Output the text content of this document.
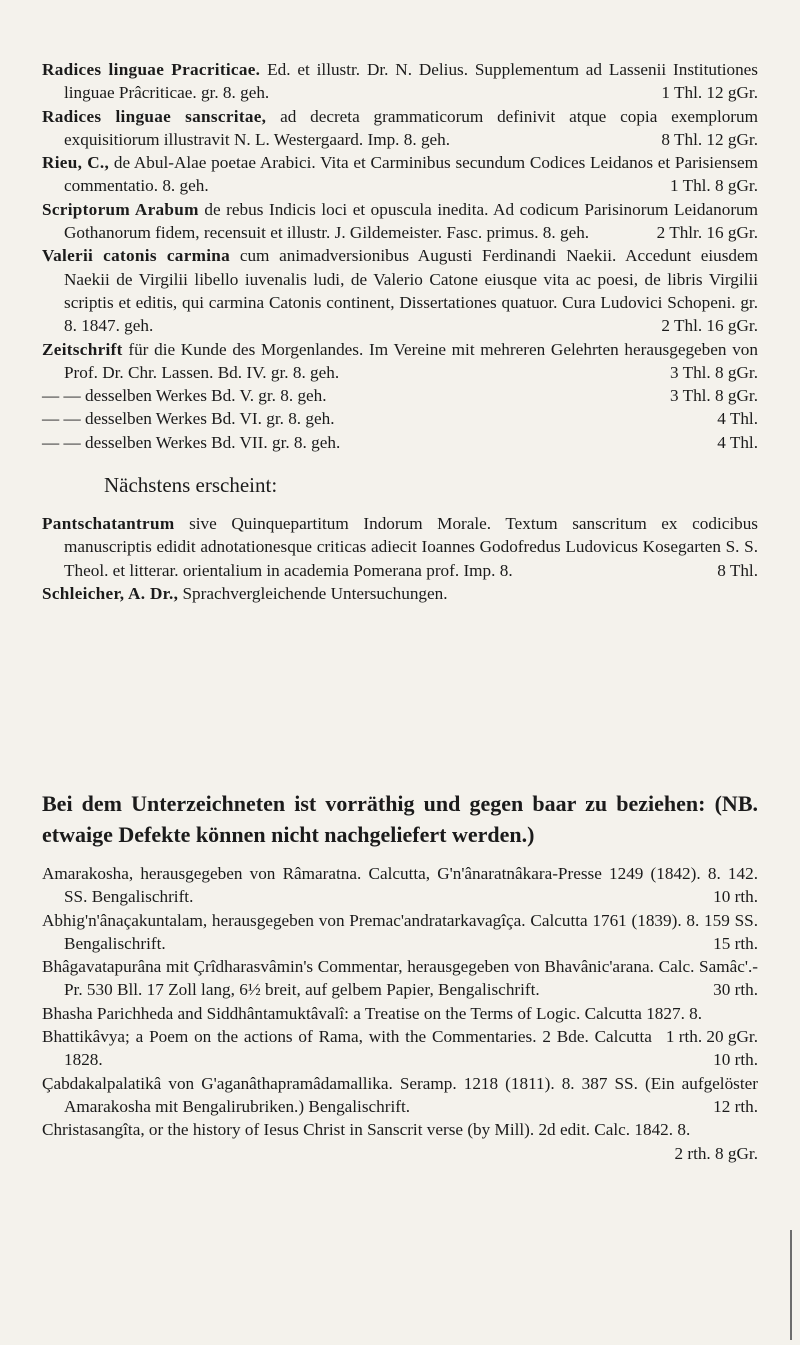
Radices linguae Pracriticae. Ed. et illustr. Dr. N. Delius. Supplementum ad Lassenii Institutiones linguae Prâcriticae. gr. 8. geh.	1 Thl. 12 gGr.

Radices linguae sanscritae, ad decreta grammaticorum definivit atque copia exemplorum exquisitiorum illustravit N. L. Westergaard. Imp. 8. geh.	8 Thl. 12 gGr.

Rieu, C., de Abul-Alae poetae Arabici. Vita et Carminibus secundum Codices Leidanos et Parisiensem commentatio. 8. geh.	1 Thl. 8 gGr.

Scriptorum Arabum de rebus Indicis loci et opuscula inedita. Ad codicum Parisinorum Leidanorum Gothanorum fidem, recensuit et illustr. J. Gildemeister. Fasc. primus. 8. geh.	2 Thlr. 16 gGr.

Valerii catonis carmina cum animadversionibus Augusti Ferdinandi Naekii. Accedunt eiusdem Naekii de Virgilii libello iuvenalis ludi, de Valerio Catone eiusque vita ac poesi, de libris Virgilii scriptis et editis, qui carmina Catonis continent, Dissertationes quatuor. Cura Ludovici Schopeni. gr. 8. 1847. geh.	2 Thl. 16 gGr.

Zeitschrift für die Kunde des Morgenlandes. Im Vereine mit mehreren Gelehrten herausgegeben von Prof. Dr. Chr. Lassen. Bd. IV. gr. 8. geh.	3 Thl. 8 gGr.

— — desselben Werkes Bd. V. gr. 8. geh.	3 Thl. 8 gGr.

— — desselben Werkes Bd. VI. gr. 8. geh.	4 Thl.

— — desselben Werkes Bd. VII. gr. 8. geh.	4 Thl.

Nächstens erscheint:

Pantschatantrum sive Quinquepartitum Indorum Morale. Textum sanscritum ex codicibus manuscriptis edidit adnotationesque criticas adiecit Ioannes Godofredus Ludovicus Kosegarten S. S. Theol. et litterar. orientalium in academia Pomerana prof. Imp. 8.	8 Thl.

Schleicher, A. Dr., Sprachvergleichende Untersuchungen.

Bei dem Unterzeichneten ist vorräthig und gegen baar zu beziehen: (NB. etwaige Defekte können nicht nachgeliefert werden.)

Amarakosha, herausgegeben von Râmaratna. Calcutta, G'n'ânaratnâkara-Presse 1249 (1842). 8. 142. SS. Bengalischrift.	10 rth.

Abhig'n'ânaçakuntalam, herausgegeben von Premac'andratarkavagîça. Calcutta 1761 (1839). 8. 159 SS. Bengalischrift.	15 rth.

Bhâgavatapurâna mit Çrîdharasvâmin's Commentar, herausgegeben von Bhavânic'arana. Calc. Samâc'.-Pr. 530 Bll. 17 Zoll lang, 6½ breit, auf gelbem Papier, Bengalischrift.	30 rth.

Bhasha Parichheda and Siddhântamuktâvalî: a Treatise on the Terms of Logic. Calcutta 1827. 8.
1 rth. 20 gGr.

Bhattikâvya; a Poem on the actions of Rama, with the Commentaries. 2 Bde. Calcutta 1828.	10 rth.

Çabdakalpalatikâ von G'aganâthapramâdamallika. Seramp. 1218 (1811). 8. 387 SS. (Ein aufgelöster Amarakosha mit Bengalirubriken.) Bengalischrift.	12 rth.

Christasangîta, or the history of Iesus Christ in Sanscrit verse (by Mill). 2d edit. Calc. 1842. 8.
2 rth. 8 gGr.
